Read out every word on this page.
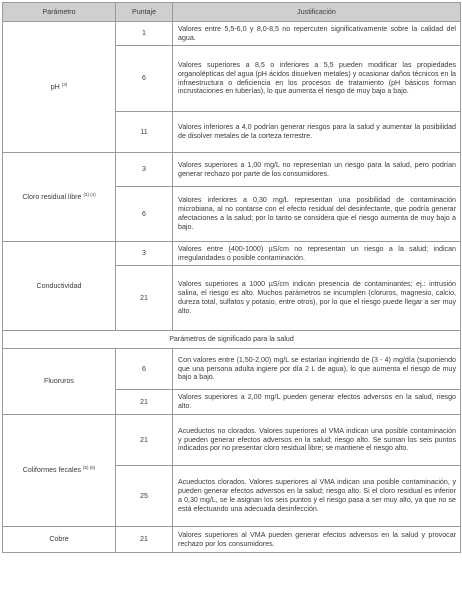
Parámetro	Puntaje	Justificación
pH $^{(3)}$	1	Valores entre 5,5-6,0 y 8,0-8,5 no repercuten significativamente sobre la calidad del agua.
	6	Valores superiores a 8,5 o inferiores a 5,5 pueden modificar las propiedades organolépticas del agua (pH ácidos disuelven metales) y ocasionar daños técnicos en la infraestructura o deficiencia en los procesos de tratamiento (pH básicos forman incrustaciones en tuberías), lo que aumenta el riesgo de muy bajo a bajo.
	11	Valores inferiores a 4,0 podrían generar riesgos para la salud y aumentar la posibilidad de disolver metales de la corteza terrestre.
Cloro residual libre $^{(3) (4)}$	3	Valores superiores a 1,00 mg/L no representan un riesgo para la salud, pero podrían generar rechazo por parte de los consumidores.
	6	Valores inferiores a 0,30 mg/L representan una posibilidad de contaminación microbiana, al no contarse con el efecto residual del desinfectante, que podría generar afectaciones a la salud; por lo tanto se considera que el riesgo aumenta de muy bajo a bajo.
Conductividad	3	Valores entre (400-1000) µS/cm no representan un riesgo a la salud; indican irregularidades o posible contaminación.
	21	Valores superiores a 1000 µS/cm indican presencia de contaminantes; ej.: intrusión salina, el riesgo es alto. Muchos parámetros se incumplen (cloruros, magnesio, calcio, dureza total, sulfatos y potasio, entre otros), por lo que el riesgo puede llegar a ser muy alto.
Parámetros de significado para la salud		
Fluoruros	6	Con valores entre (1,50-2,00) mg/L se estarían ingiriendo de (3 - 4) mg/día (suponiendo que una persona adulta ingiere por día 2 L de agua), lo que aumenta el riesgo de muy bajo a bajo.
	21	Valores superiores a 2,00 mg/L pueden generar efectos adversos en la salud, riesgo alto.
Coliformes fecales $^{(5) (6)}$	21	Acueductos no clorados. Valores superiores al VMA indican una posible contaminación y pueden generar efectos adversos en la salud; riesgo alto. Se suman los seis puntos indicados por no presentar cloro residual libre; se mantiene el riesgo alto.
	25	Acueductos clorados. Valores superiores al VMA indican una posible contaminación, y pueden generar efectos adversos en la salud; riesgo alto. Si el cloro residual es inferior a 0,30 mg/L, se le asignan los seis puntos y el riesgo pasa a ser muy alto, ya que no se está efectuando una adecuada desinfección.
Cobre	21	Valores superiores al VMA pueden generar efectos adversos en la salud y provocar rechazo por los consumidores.
